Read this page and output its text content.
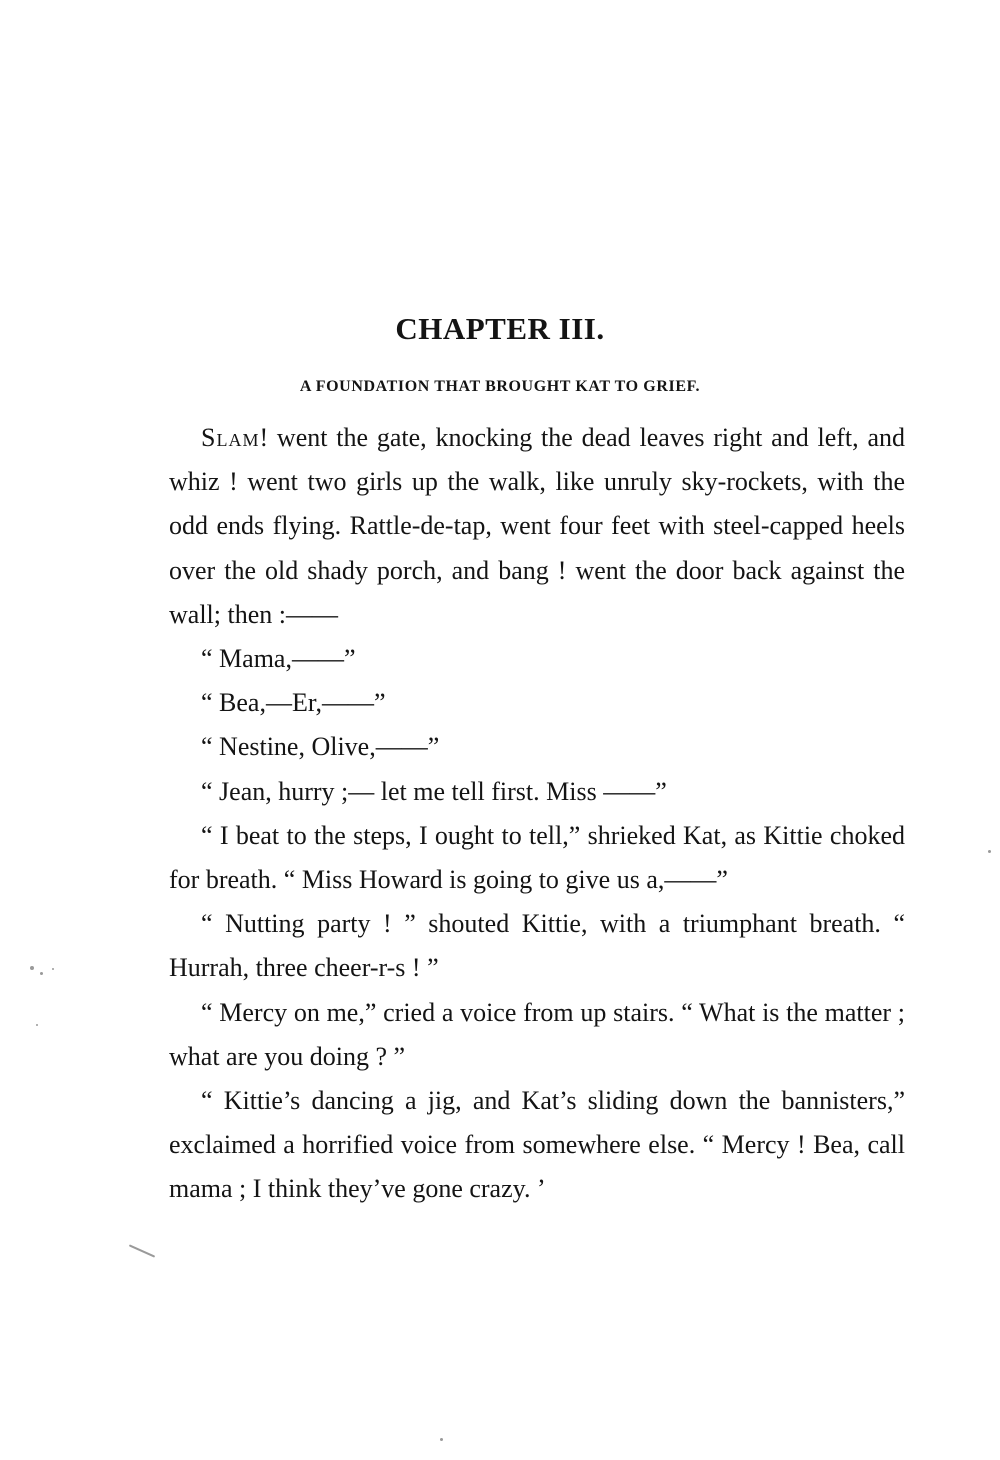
CHAPTER III.
A FOUNDATION THAT BROUGHT KAT TO GRIEF.

Slam! went the gate, knocking the dead leaves right and left, and whiz ! went two girls up the walk, like unruly sky-rockets, with the odd ends flying. Rattle-de-tap, went four feet with steel-capped heels over the old shady porch, and bang ! went the door back against the wall; then :——

“ Mama,——”

“ Bea,—Er,——”

“ Nestine, Olive,——”

“ Jean, hurry ;— let me tell first. Miss ——”

“ I beat to the steps, I ought to tell,” shrieked Kat, as Kittie choked for breath. “ Miss Howard is going to give us a,——”

“ Nutting party ! ” shouted Kittie, with a triumphant breath. “ Hurrah, three cheer-r-s ! ”

“ Mercy on me,” cried a voice from up stairs. “ What is the matter ; what are you doing ? ”

“ Kittie’s dancing a jig, and Kat’s sliding down the bannisters,” exclaimed a horrified voice from somewhere else. “ Mercy ! Bea, call mama ; I think they’ve gone crazy. ’
